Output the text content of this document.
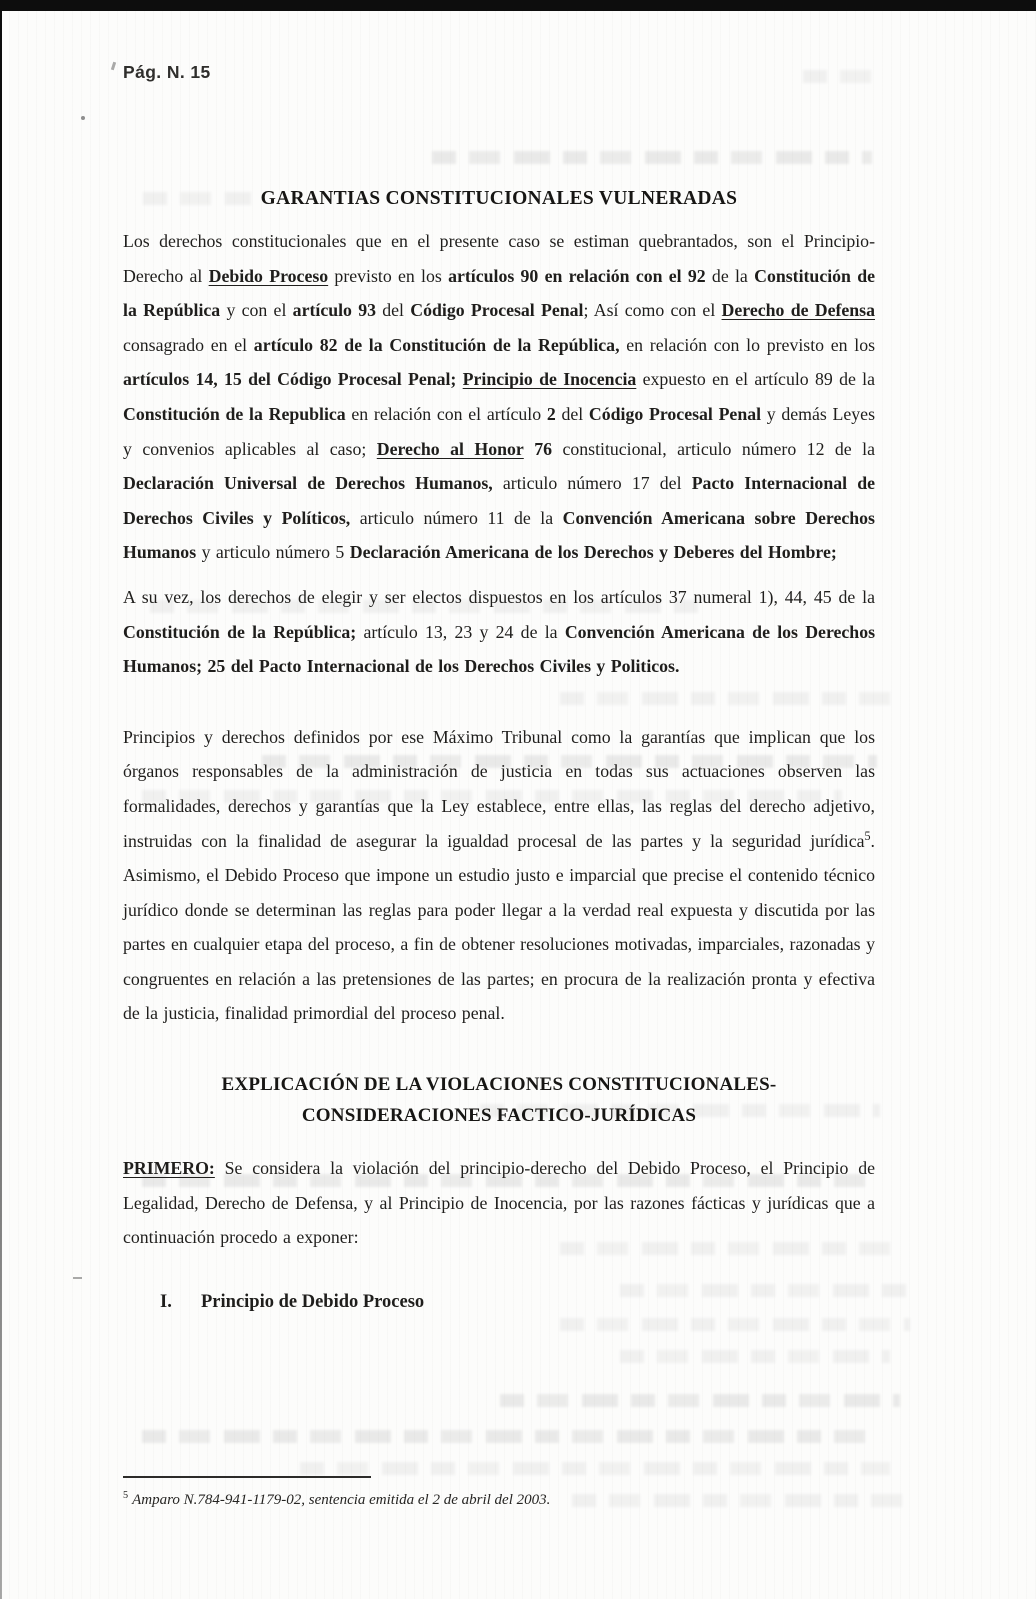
Pág. N. 15
GARANTIAS CONSTITUCIONALES VULNERADAS

Los derechos constitucionales que en el presente caso se estiman quebrantados, son el Principio-Derecho al Debido Proceso previsto en los artículos 90 en relación con el 92 de la Constitución de la República y con el artículo 93 del Código Procesal Penal; Así como con el Derecho de Defensa consagrado en el artículo 82 de la Constitución de la República, en relación con lo previsto en los artículos 14, 15 del Código Procesal Penal; Principio de Inocencia expuesto en el artículo 89 de la Constitución de la Republica en relación con el artículo 2 del Código Procesal Penal y demás Leyes y convenios aplicables al caso; Derecho al Honor 76 constitucional, articulo número 12 de la Declaración Universal de Derechos Humanos, articulo número 17 del Pacto Internacional de Derechos Civiles y Políticos, articulo número 11 de la Convención Americana sobre Derechos Humanos y articulo número 5 Declaración Americana de los Derechos y Deberes del Hombre;

A su vez, los derechos de elegir y ser electos dispuestos en los artículos 37 numeral 1), 44, 45 de la Constitución de la República; artículo 13, 23 y 24 de la Convención Americana de los Derechos Humanos; 25 del Pacto Internacional de los Derechos Civiles y Politicos.

Principios y derechos definidos por ese Máximo Tribunal como la garantías que implican que los órganos responsables de la administración de justicia en todas sus actuaciones observen las formalidades, derechos y garantías que la Ley establece, entre ellas, las reglas del derecho adjetivo, instruidas con la finalidad de asegurar la igualdad procesal de las partes y la seguridad jurídica$^5$. Asimismo, el Debido Proceso que impone un estudio justo e imparcial que precise el contenido técnico jurídico donde se determinan las reglas para poder llegar a la verdad real expuesta y discutida por las partes en cualquier etapa del proceso, a fin de obtener resoluciones motivadas, imparciales, razonadas y congruentes en relación a las pretensiones de las partes; en procura de la realización pronta y efectiva de la justicia, finalidad primordial del proceso penal.

EXPLICACIÓN DE LA VIOLACIONES CONSTITUCIONALES-
CONSIDERACIONES FACTICO-JURÍDICAS

PRIMERO: Se considera la violación del principio-derecho del Debido Proceso, el Principio de Legalidad, Derecho de Defensa, y al Principio de Inocencia, por las razones fácticas y jurídicas que a continuación procedo a exponer:

I.	Principio de Debido Proceso
$^5$ Amparo N.784-941-1179-02, sentencia emitida el 2 de abril del 2003.
